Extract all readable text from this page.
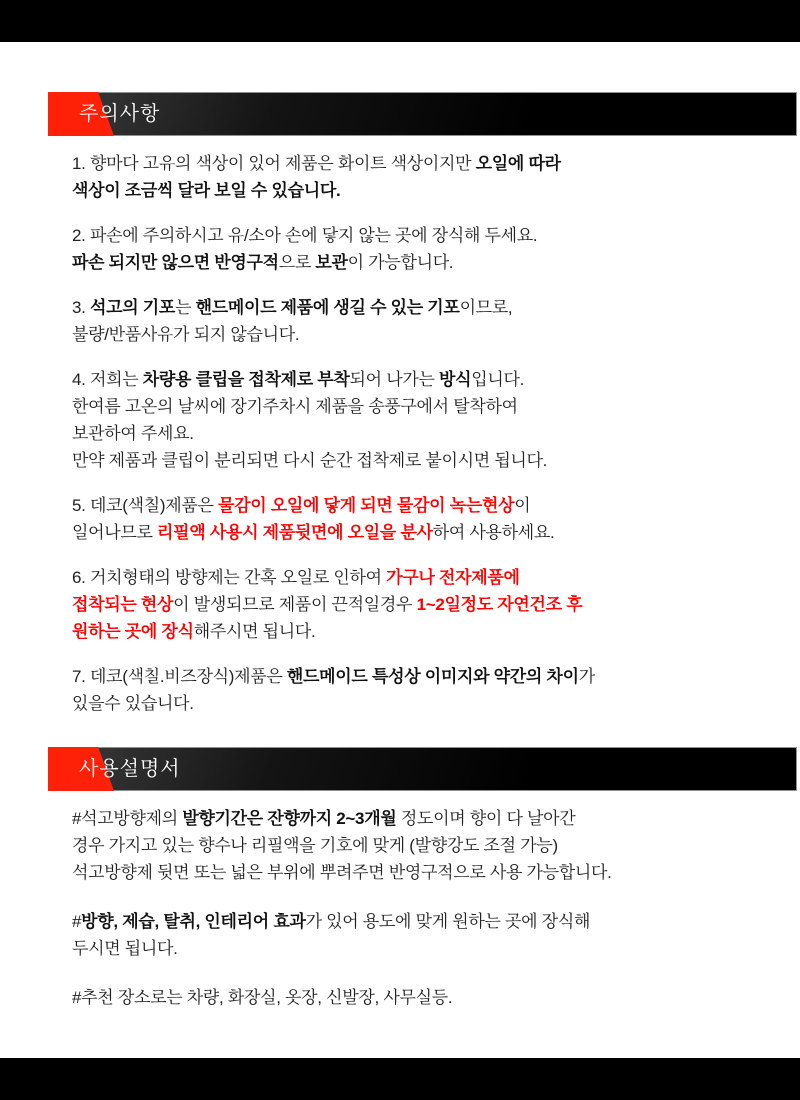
주의사항
1. 향마다 고유의 색상이 있어 제품은 화이트 색상이지만 오일에 따라
색상이 조금씩 달라 보일 수 있습니다.
2. 파손에 주의하시고 유/소아 손에 닿지 않는 곳에 장식해 두세요.
파손 되지만 않으면 반영구적으로 보관이 가능합니다.
3. 석고의 기포는 핸드메이드 제품에 생길 수 있는 기포이므로,
불량/반품사유가 되지 않습니다.
4. 저희는 차량용 클립을 접착제로 부착되어 나가는 방식입니다.
한여름 고온의 날씨에 장기주차시 제품을 송풍구에서 탈착하여
보관하여 주세요.
만약 제품과 클립이 분리되면 다시 순간 접착제로 붙이시면 됩니다.
5. 데코(색칠)제품은 물감이 오일에 닿게 되면 물감이 녹는현상이
일어나므로 리필액 사용시 제품뒷면에 오일을 분사하여 사용하세요.
6. 거치형태의 방향제는 간혹 오일로 인하여 가구나 전자제품에
접착되는 현상이 발생되므로 제품이 끈적일경우 1~2일정도 자연건조 후
원하는 곳에 장식해주시면 됩니다.
7. 데코(색칠.비즈장식)제품은 핸드메이드 특성상 이미지와 약간의 차이가
있을수 있습니다.
사용설명서
#석고방향제의 발향기간은 잔향까지 2~3개월 정도이며 향이 다 날아간
경우 가지고 있는 향수나 리필액을 기호에 맞게 (발향강도 조절 가능)
석고방향제 뒷면 또는 넓은 부위에 뿌려주면 반영구적으로 사용 가능합니다.
#방향, 제습, 탈취, 인테리어 효과가 있어 용도에 맞게 원하는 곳에 장식해
두시면 됩니다.
#추천 장소로는 차량, 화장실, 옷장, 신발장, 사무실등.
